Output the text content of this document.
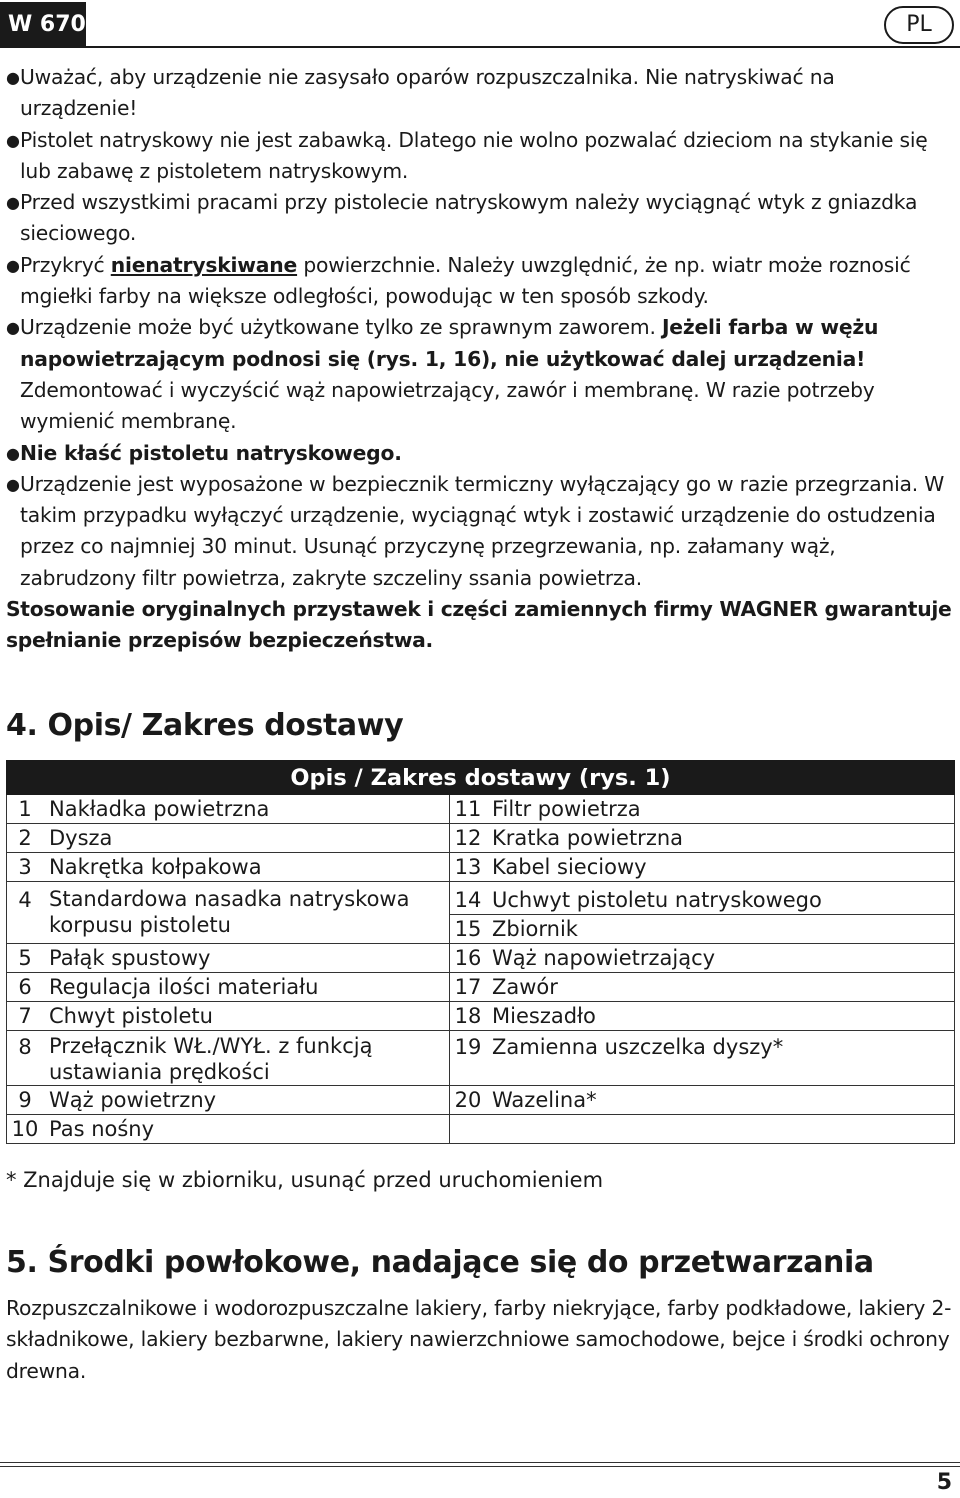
W 670	PL

● Uważać, aby urządzenie nie zasysało oparów rozpuszczalnika. Nie natryskiwać na urządzenie!

● Pistolet natryskowy nie jest zabawką. Dlatego nie wolno pozwalać dzieciom na stykanie się lub zabawę z pistoletem natryskowym.

● Przed wszystkimi pracami przy pistolecie natryskowym należy wyciągnąć wtyk z gniazdka sieciowego.

● Przykryć nienatryskiwane powierzchnie. Należy uwzględnić, że np. wiatr może roznosić mgiełki farby na większe odległości, powodując w ten sposób szkody.

● Urządzenie może być użytkowane tylko ze sprawnym zaworem. Jeżeli farba w wężu napowietrzającym podnosi się (rys. 1, 16), nie użytkować dalej urządzenia! Zdemontować i wyczyścić wąż napowietrzający, zawór i membranę. W razie potrzeby wymienić membranę.

● Nie kłaść pistoletu natryskowego.

● Urządzenie jest wyposażone w bezpiecznik termiczny wyłączający go w razie przegrzania. W takim przypadku wyłączyć urządzenie, wyciągnąć wtyk i zostawić urządzenie do ostudzenia przez co najmniej 30 minut. Usunąć przyczynę przegrzewania, np. załamany wąż, zabrudzony filtr powietrza, zakryte szczeliny ssania powietrza.

Stosowanie oryginalnych przystawek i części zamiennych firmy WAGNER gwarantuje spełnianie przepisów bezpieczeństwa.

4. Opis/ Zakres dostawy
Opis / Zakres dostawy (rys. 1)			
1	Nakładka powietrzna	11	Filtr powietrza
2	Dysza	12	Kratka powietrzna
3	Nakrętka kołpakowa	13	Kabel sieciowy
4	Standardowa nasadka natryskowa korpusu pistoletu	14	Uchwyt pistoletu natryskowego
		15	Zbiornik
5	Pałąk spustowy	16	Wąż napowietrzający
6	Regulacja ilości materiału	17	Zawór
7	Chwyt pistoletu	18	Mieszadło
8	Przełącznik WŁ./WYŁ. z funkcją ustawiania prędkości	19	Zamienna uszczelka dyszy*
9	Wąż powietrzny	20	Wazelina*
10	Pas nośny		
* Znajduje się w zbiorniku, usunąć przed uruchomieniem
5. Środki powłokowe, nadające się do przetwarzania

Rozpuszczalnikowe i wodorozpuszczalne lakiery, farby niekryjące, farby podkładowe, lakiery 2-składnikowe, lakiery bezbarwne, lakiery nawierzchniowe samochodowe, bejce i środki ochrony drewna.

5
